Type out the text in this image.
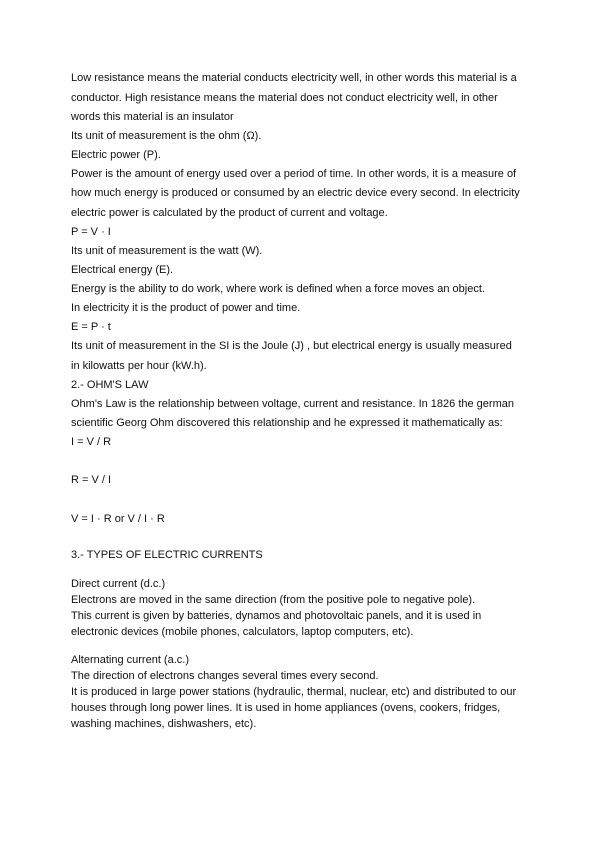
Low resistance means the material conducts electricity well, in other words this material is a
conductor. High resistance means the material does not conduct electricity well, in other
words this material is an insulator
Its unit of measurement is the ohm (Ω).
Electric power (P).
Power is the amount of energy used over a period of time. In other words, it is a measure of
how much energy is produced or consumed by an electric device every second. In electricity
electric power is calculated by the product of current and voltage.
P = V · I
Its unit of measurement is the watt (W).
Electrical energy (E).
Energy is the ability to do work, where work is defined when a force moves an object.
In electricity it is the product of power and time.
E = P · t
Its unit of measurement in the SI is the Joule (J) , but electrical energy is usually measured
in kilowatts per hour (kW.h).
2.- OHM'S LAW
Ohm's Law is the relationship between voltage, current and resistance. In 1826 the german
scientific Georg Ohm discovered this relationship and he expressed it mathematically as:
I = V / R
R = V / I
V = I · R or V / I · R
3.- TYPES OF ELECTRIC CURRENTS
Direct current (d.c.)
Electrons are moved in the same direction (from the positive pole to negative pole).
This current is given by batteries, dynamos and photovoltaic panels, and it is used in
electronic devices (mobile phones, calculators, laptop computers, etc).
Alternating current (a.c.)
The direction of electrons changes several times every second.
It is produced in large power stations (hydraulic, thermal, nuclear, etc) and distributed to our
houses through long power lines. It is used in home appliances (ovens, cookers, fridges,
washing machines, dishwashers, etc).
